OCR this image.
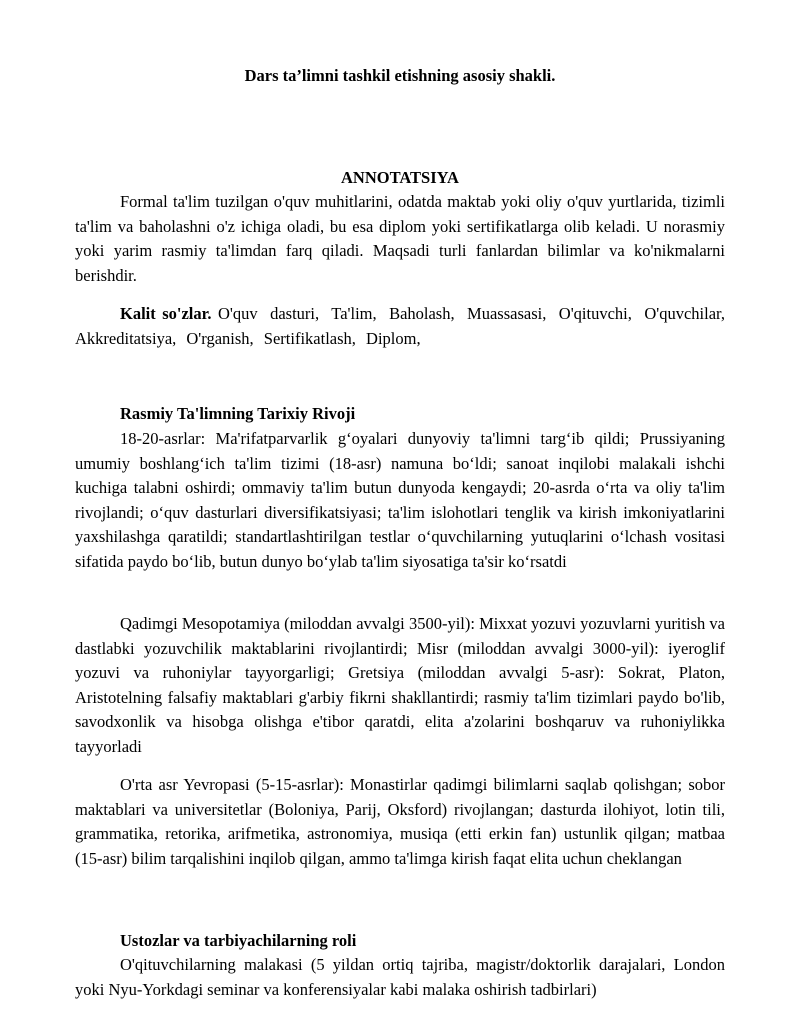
Dars ta’limni tashkil etishning asosiy shakli.
ANNOTATSIYA

Formal ta'lim tuzilgan o'quv muhitlarini, odatda maktab yoki oliy o'quv yurtlarida, tizimli ta'lim va baholashni o'z ichiga oladi, bu esa diplom yoki sertifikatlarga olib keladi. U norasmiy yoki yarim rasmiy ta'limdan farq qiladi. Maqsadi turli fanlardan bilimlar va ko'nikmalarni berishdir.

Kalit so'zlar. O'quv dasturi, Ta'lim, Baholash, Muassasasi, O'qituvchi, O'quvchilar, Akkreditatsiya, O'rganish, Sertifikatlash, Diplom,

Rasmiy Ta'limning Tarixiy Rivoji

18-20-asrlar: Ma'rifatparvarlik g‘oyalari dunyoviy ta'limni targ‘ib qildi; Prussiyaning umumiy boshlang‘ich ta'lim tizimi (18-asr) namuna bo‘ldi; sanoat inqilobi malakali ishchi kuchiga talabni oshirdi; ommaviy ta'lim butun dunyoda kengaydi; 20-asrda o‘rta va oliy ta'lim rivojlandi; o‘quv dasturlari diversifikatsiyasi; ta'lim islohotlari tenglik va kirish imkoniyatlarini yaxshilashga qaratildi; standartlashtirilgan testlar o‘quvchilarning yutuqlarini o‘lchash vositasi sifatida paydo bo‘lib, butun dunyo bo‘ylab ta'lim siyosatiga ta'sir ko‘rsatdi

Qadimgi Mesopotamiya (miloddan avvalgi 3500-yil): Mixxat yozuvi yozuvlarni yuritish va dastlabki yozuvchilik maktablarini rivojlantirdi; Misr (miloddan avvalgi 3000-yil): iyeroglif yozuvi va ruhoniylar tayyorgarligi; Gretsiya (miloddan avvalgi 5-asr): Sokrat, Platon, Aristotelning falsafiy maktablari g'arbiy fikrni shakllantirdi; rasmiy ta'lim tizimlari paydo bo'lib, savodxonlik va hisobga olishga e'tibor qaratdi, elita a'zolarini boshqaruv va ruhoniylikka tayyorladi

O'rta asr Yevropasi (5-15-asrlar): Monastirlar qadimgi bilimlarni saqlab qolishgan; sobor maktablari va universitetlar (Boloniya, Parij, Oksford) rivojlangan; dasturda ilohiyot, lotin tili, grammatika, retorika, arifmetika, astronomiya, musiqa (etti erkin fan) ustunlik qilgan; matbaa (15-asr) bilim tarqalishini inqilob qilgan, ammo ta'limga kirish faqat elita uchun cheklangan

Ustozlar va tarbiyachilarning roli

O'qituvchilarning malakasi (5 yildan ortiq tajriba, magistr/doktorlik darajalari, London yoki Nyu-Yorkdagi seminar va konferensiyalar kabi malaka oshirish tadbirlari)
